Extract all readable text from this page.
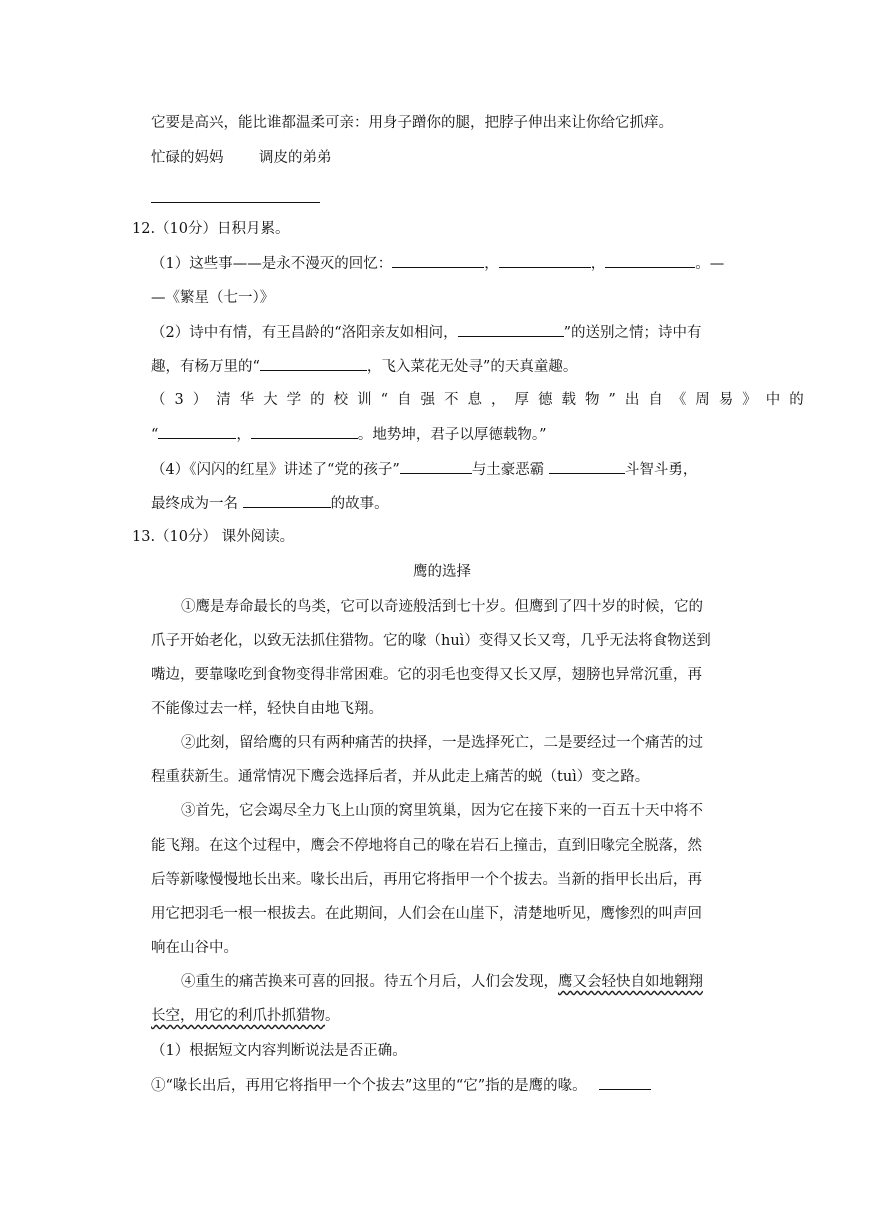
它要是高兴，能比谁都温柔可亲：用身子蹭你的腿，把脖子伸出来让你给它抓痒。
忙碌的妈妈 调皮的弟弟
12.（10分）日积月累。
（1）这些事——是永不漫灭的回忆：	，	，	。—
—《繁星（七一）》
（2）诗中有情，有王昌龄的“洛阳亲友如相问，	”的送别之情；诗中有
趣，有杨万里的“	，飞入菜花无处寻”的天真童趣。
（3）清华大学的校训“自强不息，厚德载物”出自《周易》中的
“	，	。地势坤，君子以厚德载物。”
（4）《闪闪的红星》讲述了“党的孩子”	与土豪恶霸	斗智斗勇，
最终成为一名	的故事。
13.（10分） 课外阅读。
鹰的选择
①鹰是寿命最长的鸟类，它可以奇迹般活到七十岁。但鹰到了四十岁的时候，它的
爪子开始老化，以致无法抓住猎物。它的喙（huì）变得又长又弯，几乎无法将食物送到
嘴边，要靠喙吃到食物变得非常困难。它的羽毛也变得又长又厚，翅膀也异常沉重，再
不能像过去一样，轻快自由地飞翔。
②此刻，留给鹰的只有两种痛苦的抉择，一是选择死亡，二是要经过一个痛苦的过
程重获新生。通常情况下鹰会选择后者，并从此走上痛苦的蜕（tuì）变之路。
③首先，它会竭尽全力飞上山顶的窝里筑巢，因为它在接下来的一百五十天中将不
能飞翔。在这个过程中，鹰会不停地将自己的喙在岩石上撞击，直到旧喙完全脱落，然
后等新喙慢慢地长出来。喙长出后，再用它将指甲一个个拔去。当新的指甲长出后，再
用它把羽毛一根一根拔去。在此期间，人们会在山崖下，清楚地听见，鹰惨烈的叫声回
响在山谷中。
④重生的痛苦换来可喜的回报。待五个月后，人们会发现，鹰又会轻快自如地翱翔
长空，用它的利爪扑抓猎物。
（1）根据短文内容判断说法是否正确。
①“喙长出后，再用它将指甲一个个拔去”这里的“它”指的是鹰的喙。
